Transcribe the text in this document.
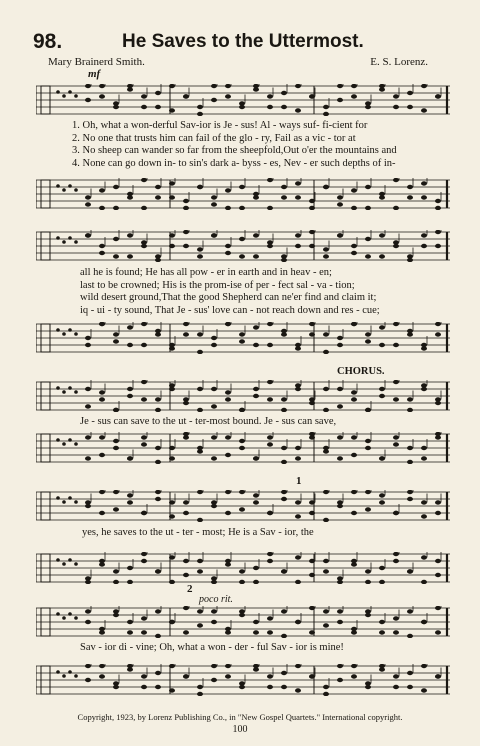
98.	He Saves to the Uttermost.
Mary Brainerd Smith.	E. S. Lorenz.
mf
1. Oh, what a won-derful Sav-ior is Je - sus! Al - ways suf- fi-cient for
2. No one that trusts him can fail of the glo - ry, Fail as a vic - tor at
3. No sheep can wander so far from the sheepfold,Out o'er the mountains and
4. None can go down in- to sin's dark a- byss - es, Nev - er such depths of in-
all he is found; He has all pow - er in earth and in heav - en;
last to be crowned; His is the prom-ise of per - fect sal - va - tion;
wild desert ground,That the good Shepherd can ne'er find and claim it;
iq - ui - ty sound, That Je - sus' love can - not reach down and res - cue;
CHORUS.
Je - sus can save to the ut - ter-most bound. Je - sus can save,
1
yes, he saves to the ut - ter - most; He is a Sav - ior, the
2
poco rit.
Sav - ior di - vine; Oh, what a won - der - ful Sav - ior is mine!
Copyright, 1923, by Lorenz Publishing Co., in "New Gospel Quartets." International copyright.
100
